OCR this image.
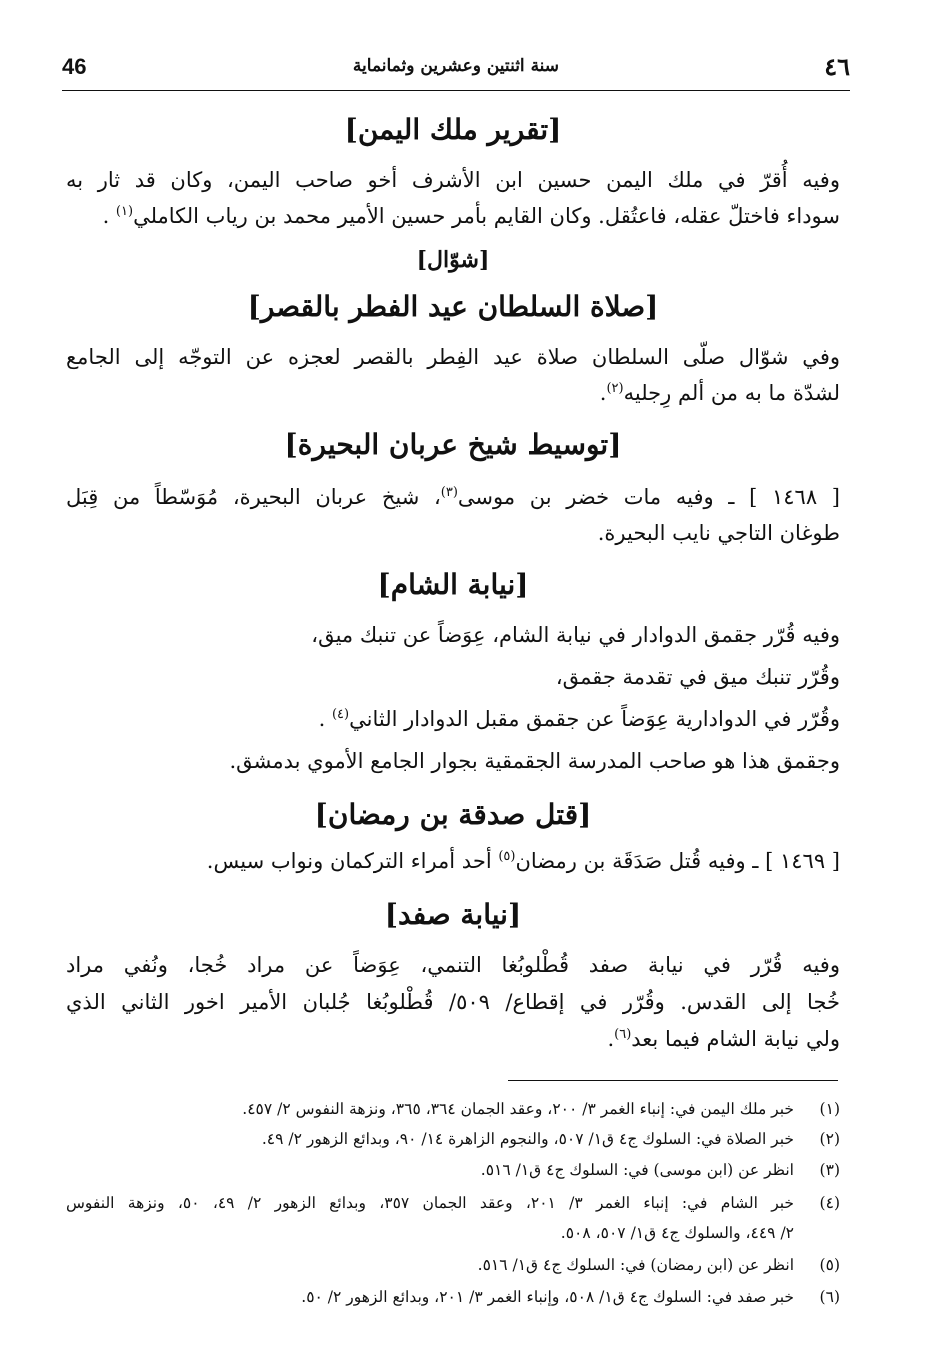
46	سنة اثنتين وعشرين وثمانماية	٤٦
[تقرير ملك اليمن]
وفيه أُقرّ في ملك اليمن حسين ابن الأشرف أخو صاحب اليمن، وكان قد ثار به
سوداء فاختلّ عقله، فاعتُقل. وكان القايم بأمر حسين الأمير محمد بن رياب الكاملي$^{(١)}$ .
[شوّال]
[صلاة السلطان عيد الفطر بالقصر]
وفي شوّال صلّى السلطان صلاة عيد الفِطر بالقصر لعجزه عن التوجّه إلى الجامع
لشدّة ما به من ألم رِجليه$^{(٢)}$.
[توسيط شيخ عربان البحيرة]
[ ١٤٦٨ ] ـ وفيه مات خضر بن موسى$^{(٣)}$، شيخ عربان البحيرة، مُوَسّطاً من قِبَل
طوغان التاجي نايب البحيرة.
[نيابة الشام]
وفيه قُرّر جقمق الدوادار في نيابة الشام، عِوَضاً عن تنبك ميق،
وقُرّر تنبك ميق في تقدمة جقمق،
وقُرّر في الدوادارية عِوَضاً عن جقمق مقبل الدوادار الثاني$^{(٤)}$ .
وجقمق هذا هو صاحب المدرسة الجقمقية بجوار الجامع الأموي بدمشق.
[قتل صدقة بن رمضان]
[ ١٤٦٩ ] ـ وفيه قُتل صَدَقَة بن رمضان$^{(٥)}$ أحد أمراء التركمان ونواب سيس.
[نيابة صفد]
وفيه قُرّر في نيابة صفد قُطْلوبُغا التنمي، عِوَضاً عن مراد خُجا، ونُفي مراد
خُجا إلى القدس. وقُرّر في إقطاع/ ٥٠٩/ قُطْلوبُغا جُلبان الأمير اخور الثاني الذي
ولي نيابة الشام فيما بعد$^{(٦)}$.
(١)
خبر ملك اليمن في: إنباء الغمر ٣/ ٢٠٠، وعقد الجمان ٣٦٤، ٣٦٥، ونزهة النفوس ٢/ ٤٥٧.
(٢)
خبر الصلاة في: السلوك ج٤ ق١/ ٥٠٧، والنجوم الزاهرة ١٤/ ٩٠، وبدائع الزهور ٢/ ٤٩.
(٣)
انظر عن (ابن موسى) في: السلوك ج٤ ق١/ ٥١٦.
(٤)
خبر الشام في: إنباء الغمر ٣/ ٢٠١، وعقد الجمان ٣٥٧، وبدائع الزهور ٢/ ٤٩، ٥٠، ونزهة النفوس
٢/ ٤٤٩، والسلوك ج٤ ق١/ ٥٠٧، ٥٠٨.
(٥)
انظر عن (ابن رمضان) في: السلوك ج٤ ق١/ ٥١٦.
(٦)
خبر صفد في: السلوك ج٤ ق١/ ٥٠٨، وإنباء الغمر ٣/ ٢٠١، وبدائع الزهور ٢/ ٥٠.
